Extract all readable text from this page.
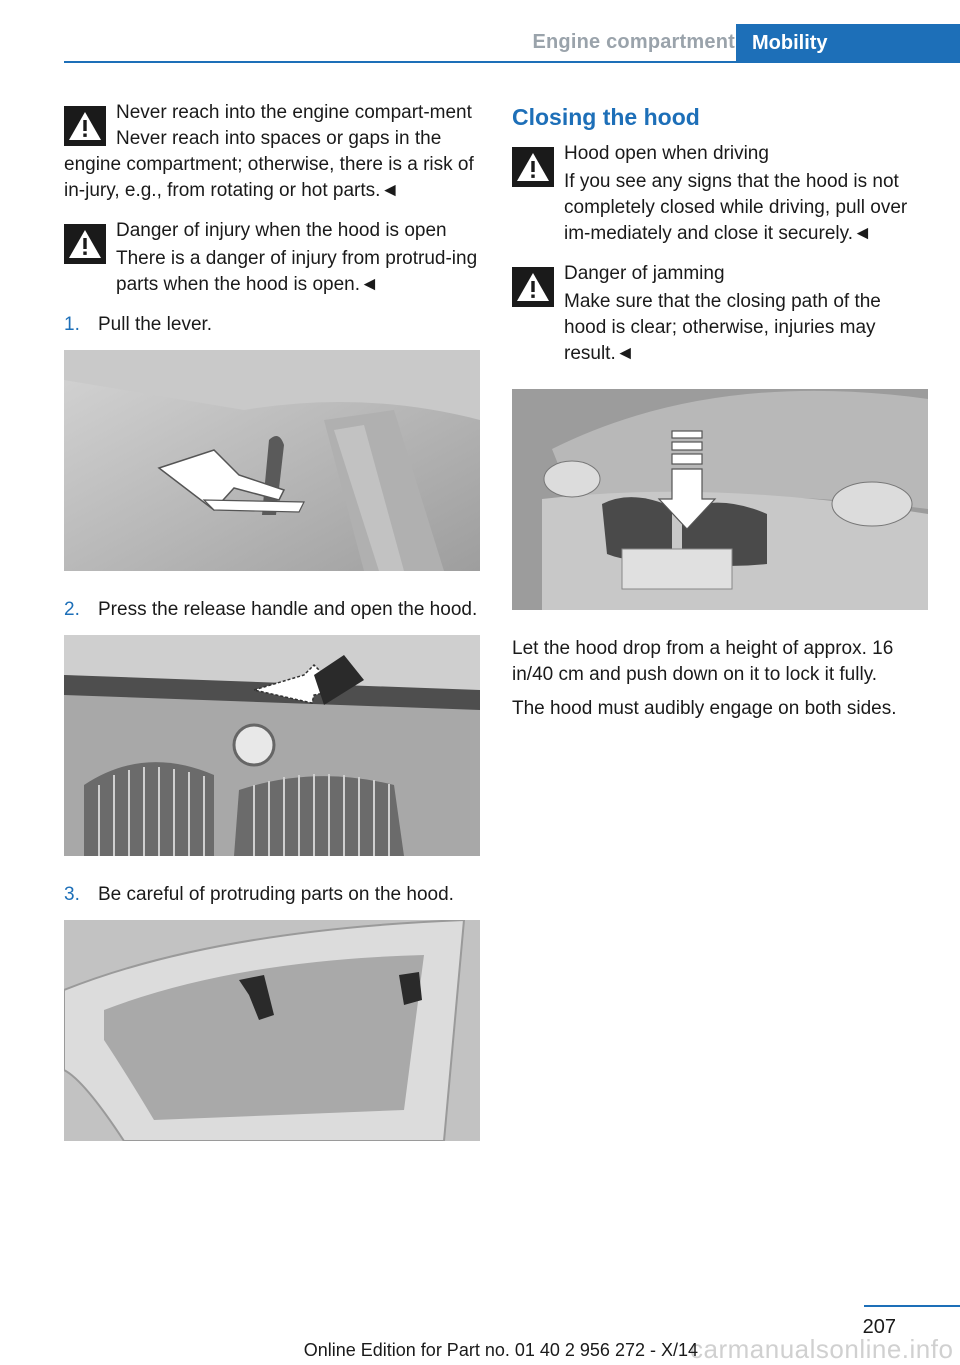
Engine compartment Mobility

Never reach into the engine compart-ment

Never reach into spaces or gaps in the engine compartment; otherwise, there is a risk of in-jury, e.g., from rotating or hot parts.◄

Danger of injury when the hood is open

There is a danger of injury from protrud-ing parts when the hood is open.◄

1. Pull the lever.
2. Press the release handle and open the hood.
3. Be careful of protruding parts on the hood.
Closing the hood

Hood open when driving

If you see any signs that the hood is not completely closed while driving, pull over im-mediately and close it securely.◄

Danger of jamming

Make sure that the closing path of the hood is clear; otherwise, injuries may result.◄

Let the hood drop from a height of approx. 16 in/40 cm and push down on it to lock it fully.

The hood must audibly engage on both sides.

207
carmanualsonline.info
Online Edition for Part no. 01 40 2 956 272 - X/14
